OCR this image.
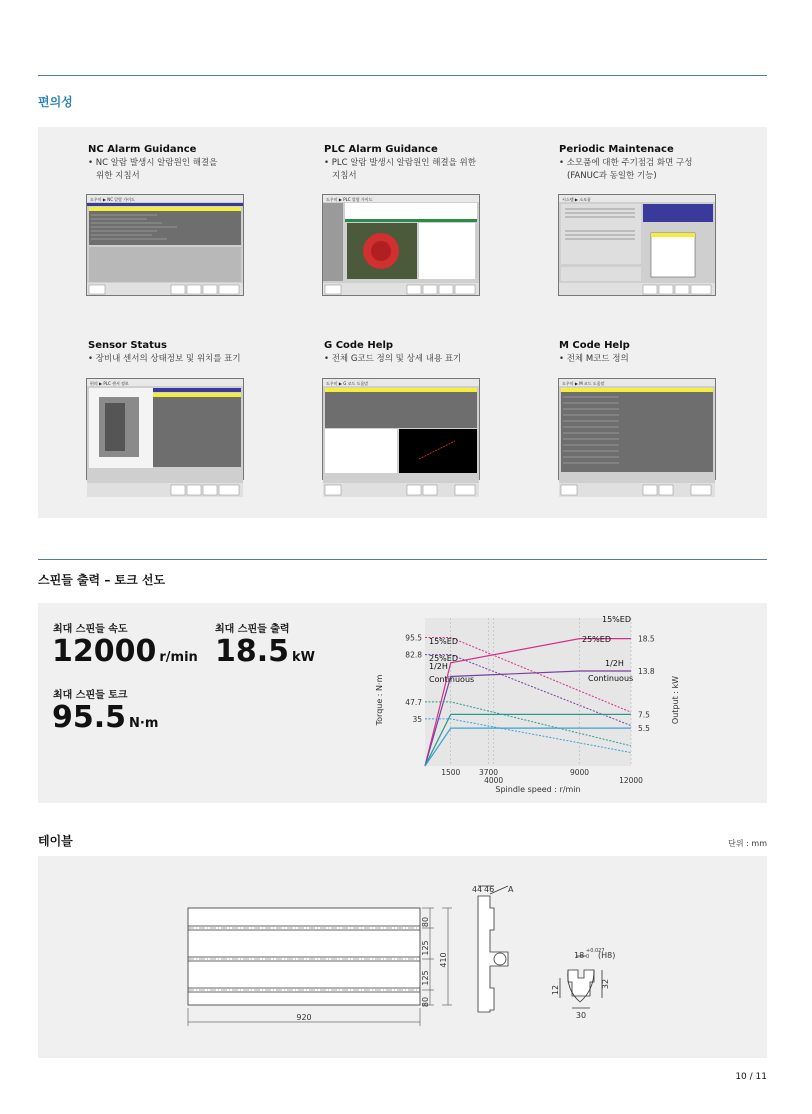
편의성
NC Alarm Guidance

• NC 알람 발생시 알람원인 해결을

위한 지침서

PLC Alarm Guidance

• PLC 알람 발생시 알람원인 해결을 위한

지침서

Periodic Maintenace

• 소모품에 대한 주기점검 화면 구성

(FANUC과 동일한 기능)

Sensor Status

• 장비내 센서의 상태정보 및 위치를 표기

G Code Help

• 전체 G코드 정의 및 상세 내용 표기

M Code Help

• 전체 M코드 정의

도우미 ▶ NC 알람 가이드	도우미 ▶ PLC 알람 가이드	시스템 ▶ 소모품
편의 ▶ PLC 센서 정보	도우미 ▶ G 코드 도움말	도우미 ▶ M 코드 도움말
스핀들 출력 – 토크 선도
최대 스핀들 속도
12000 r/min
최대 스핀들 출력
18.5 kW
최대 스핀들 토크
95.5 N·m
95.5
82.8
47.7
35
18.5
13.8
7.5
5.5
1500 3700
4000
9000
12000
Torque : N·m	Output : kW
Spindle speed : r/min
15%ED
25%ED
1/2H
Continuous
15%ED
25%ED
1/2H
Continuous
테이블	단위 : mm
80
125
125
80
410
920
44 46 A
12
32
30
18 +0.027
0 (H8)
10 / 11
